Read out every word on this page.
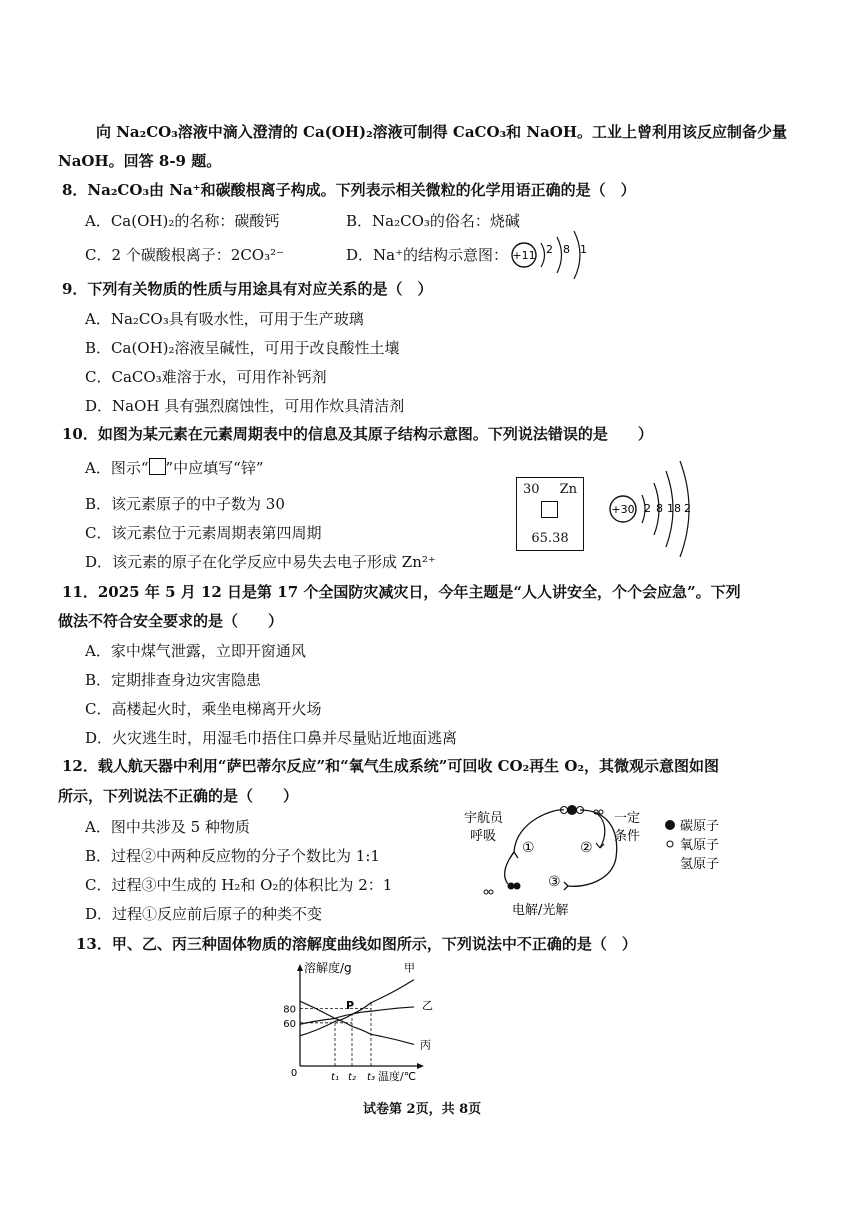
向 Na₂CO₃溶液中滴入澄清的 Ca(OH)₂溶液可制得 CaCO₃和 NaOH。工业上曾利用该反应制备少量
NaOH。回答 8-9 题。
8．Na₂CO₃由 Na⁺和碳酸根离子构成。下列表示相关微粒的化学用语正确的是（　）
A．Ca(OH)₂的名称：碳酸钙	B．Na₂CO₃的俗名：烧碱
C．2 个碳酸根离子：2CO₃²⁻	D．Na⁺的结构示意图： +11 2 8 1
9．下列有关物质的性质与用途具有对应关系的是（　）
A．Na₂CO₃具有吸水性，可用于生产玻璃
B．Ca(OH)₂溶液呈碱性，可用于改良酸性土壤
C．CaCO₃难溶于水，可用作补钙剂
D．NaOH 具有强烈腐蚀性，可用作炊具清洁剂
10．如图为某元素在元素周期表中的信息及其原子结构示意图。下列说法错误的是　　）
A．图示“ ”中应填写“锌”
B．该元素原子的中子数为 30
C．该元素位于元素周期表第四周期
D．该元素的原子在化学反应中易失去电子形成 Zn²⁺
30 Zn
65.38
+30 2 8 18 2
11．2025 年 5 月 12 日是第 17 个全国防灾减灾日，今年主题是“人人讲安全，个个会应急”。下列
做法不符合安全要求的是（　　）
A．家中煤气泄露，立即开窗通风
B．定期排查身边灾害隐患
C．高楼起火时，乘坐电梯离开火场
D．火灾逃生时，用湿毛巾捂住口鼻并尽量贴近地面逃离
12．载人航天器中利用“萨巴蒂尔反应”和“氧气生成系统”可回收 CO₂再生 O₂，其微观示意图如图
所示，下列说法不正确的是（　　）
A．图中共涉及 5 种物质
B．过程②中两种反应物的分子个数比为 1:1
C．过程③中生成的 H₂和 O₂的体积比为 2：1
D．过程①反应前后原子的种类不变
宇航员
呼吸
①	②
③
一定
条件
电解/光解
碳原子
氧原子
氢原子
13．甲、乙、丙三种固体物质的溶解度曲线如图所示，下列说法中不正确的是（　）
溶解度/g
温度/℃
0
60
80
t₁ t₂ t₃
甲
乙
丙
P
试卷第 2页，共 8页
